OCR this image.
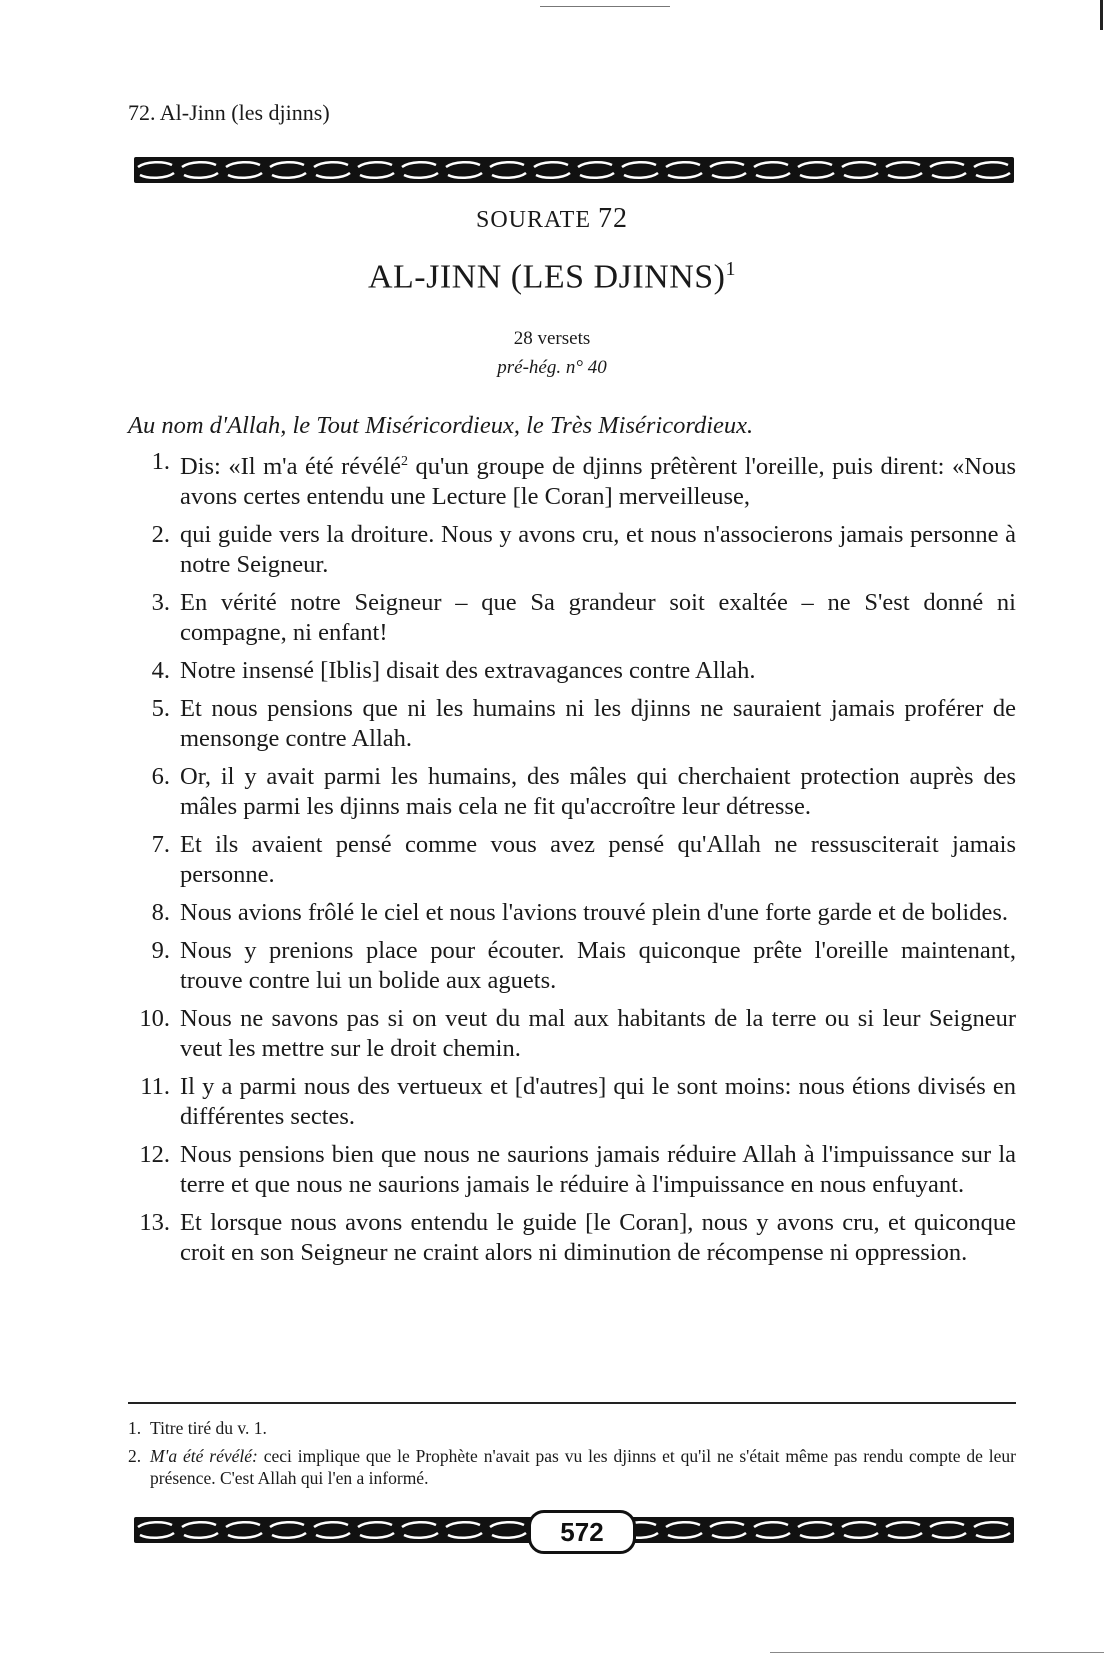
72. Al-Jinn (les djinns)
SOURATE 72
AL-JINN (LES DJINNS)$^1$
28 versets
pré-hég. n° 40
Au nom d'Allah, le Tout Miséricordieux, le Très Miséricordieux.
1. Dis: «Il m'a été révélé$^2$ qu'un groupe de djinns prêtèrent l'oreille, puis dirent: «Nous avons certes entendu une Lecture [le Coran] merveilleuse,
2. qui guide vers la droiture. Nous y avons cru, et nous n'associerons jamais personne à notre Seigneur.
3. En vérité notre Seigneur – que Sa grandeur soit exaltée – ne S'est donné ni compagne, ni enfant!
4. Notre insensé [Iblis] disait des extravagances contre Allah.
5. Et nous pensions que ni les humains ni les djinns ne sauraient jamais proférer de mensonge contre Allah.
6. Or, il y avait parmi les humains, des mâles qui cherchaient protection auprès des mâles parmi les djinns mais cela ne fit qu'accroître leur détresse.
7. Et ils avaient pensé comme vous avez pensé qu'Allah ne ressusciterait jamais personne.
8. Nous avions frôlé le ciel et nous l'avions trouvé plein d'une forte garde et de bolides.
9. Nous y prenions place pour écouter. Mais quiconque prête l'oreille maintenant, trouve contre lui un bolide aux aguets.
10. Nous ne savons pas si on veut du mal aux habitants de la terre ou si leur Seigneur veut les mettre sur le droit chemin.
11. Il y a parmi nous des vertueux et [d'autres] qui le sont moins: nous étions divisés en différentes sectes.
12. Nous pensions bien que nous ne saurions jamais réduire Allah à l'impuissance sur la terre et que nous ne saurions jamais le réduire à l'impuissance en nous enfuyant.
13. Et lorsque nous avons entendu le guide [le Coran], nous y avons cru, et quiconque croit en son Seigneur ne craint alors ni diminution de récompense ni oppression.
1. Titre tiré du v. 1.
2. M'a été révélé: ceci implique que le Prophète n'avait pas vu les djinns et qu'il ne s'était même pas rendu compte de leur présence. C'est Allah qui l'en a informé.
572
